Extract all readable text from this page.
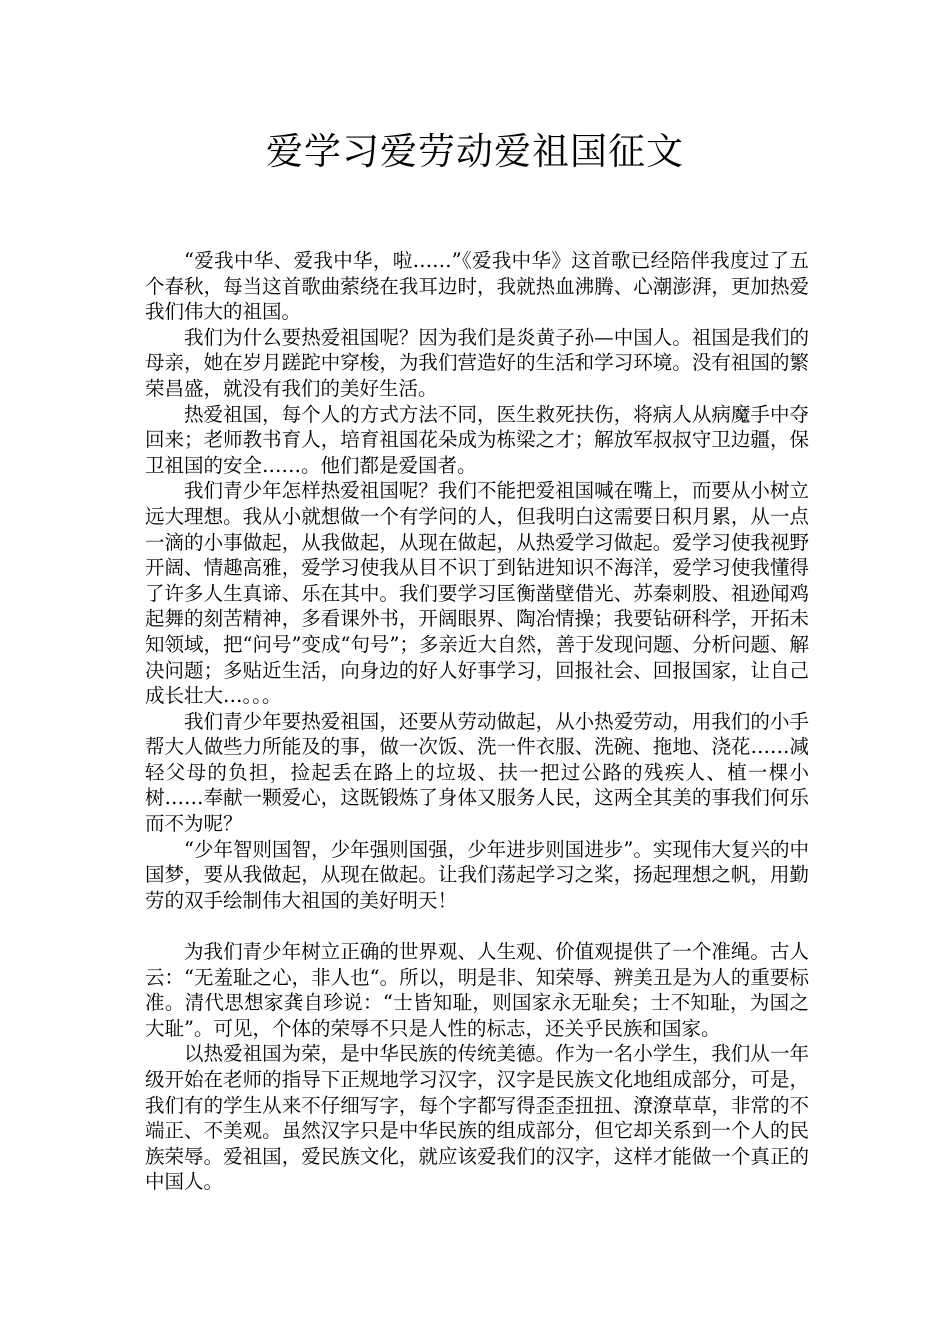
爱学习爱劳动爱祖国征文

“爱我中华、爱我中华，啦……”《爱我中华》这首歌已经陪伴我度过了五个春秋，每当这首歌曲萦绕在我耳边时，我就热血沸腾、心潮澎湃，更加热爱我们伟大的祖国。

我们为什么要热爱祖国呢？因为我们是炎黄子孙—中国人。祖国是我们的母亲，她在岁月蹉跎中穿梭，为我们营造好的生活和学习环境。没有祖国的繁荣昌盛，就没有我们的美好生活。

热爱祖国，每个人的方式方法不同，医生救死扶伤，将病人从病魔手中夺回来；老师教书育人，培育祖国花朵成为栋梁之才；解放军叔叔守卫边疆，保卫祖国的安全……。他们都是爱国者。

我们青少年怎样热爱祖国呢？我们不能把爱祖国喊在嘴上，而要从小树立远大理想。我从小就想做一个有学问的人，但我明白这需要日积月累，从一点一滴的小事做起，从我做起，从现在做起，从热爱学习做起。爱学习使我视野开阔、情趣高雅，爱学习使我从目不识丁到钻进知识不海洋，爱学习使我懂得了许多人生真谛、乐在其中。我们要学习匡衡凿壁借光、苏秦刺股、祖逊闻鸡起舞的刻苦精神，多看课外书，开阔眼界、陶冶情操；我要钻研科学，开拓未知领域，把“问号”变成“句号”；多亲近大自然，善于发现问题、分析问题、解决问题；多贴近生活，向身边的好人好事学习，回报社会、回报国家，让自己成长壮大…。。。

我们青少年要热爱祖国，还要从劳动做起，从小热爱劳动，用我们的小手帮大人做些力所能及的事，做一次饭、洗一件衣服、洗碗、拖地、浇花……减轻父母的负担，捡起丢在路上的垃圾、扶一把过公路的残疾人、植一棵小树……奉献一颗爱心，这既锻炼了身体又服务人民，这两全其美的事我们何乐而不为呢？

“少年智则国智，少年强则国强，少年进步则国进步”。实现伟大复兴的中国梦，要从我做起，从现在做起。让我们荡起学习之桨，扬起理想之帆，用勤劳的双手绘制伟大祖国的美好明天！

为我们青少年树立正确的世界观、人生观、价值观提供了一个准绳。古人云：“无羞耻之心，非人也“。所以，明是非、知荣辱、辨美丑是为人的重要标准。清代思想家龚自珍说：“士皆知耻，则国家永无耻矣；士不知耻，为国之大耻”。可见，个体的荣辱不只是人性的标志，还关乎民族和国家。

以热爱祖国为荣，是中华民族的传统美德。作为一名小学生，我们从一年级开始在老师的指导下正规地学习汉字，汉字是民族文化地组成部分，可是，我们有的学生从来不仔细写字，每个字都写得歪歪扭扭、潦潦草草，非常的不端正、不美观。虽然汉字只是中华民族的组成部分，但它却关系到一个人的民族荣辱。爱祖国，爱民族文化，就应该爱我们的汉字，这样才能做一个真正的中国人。
